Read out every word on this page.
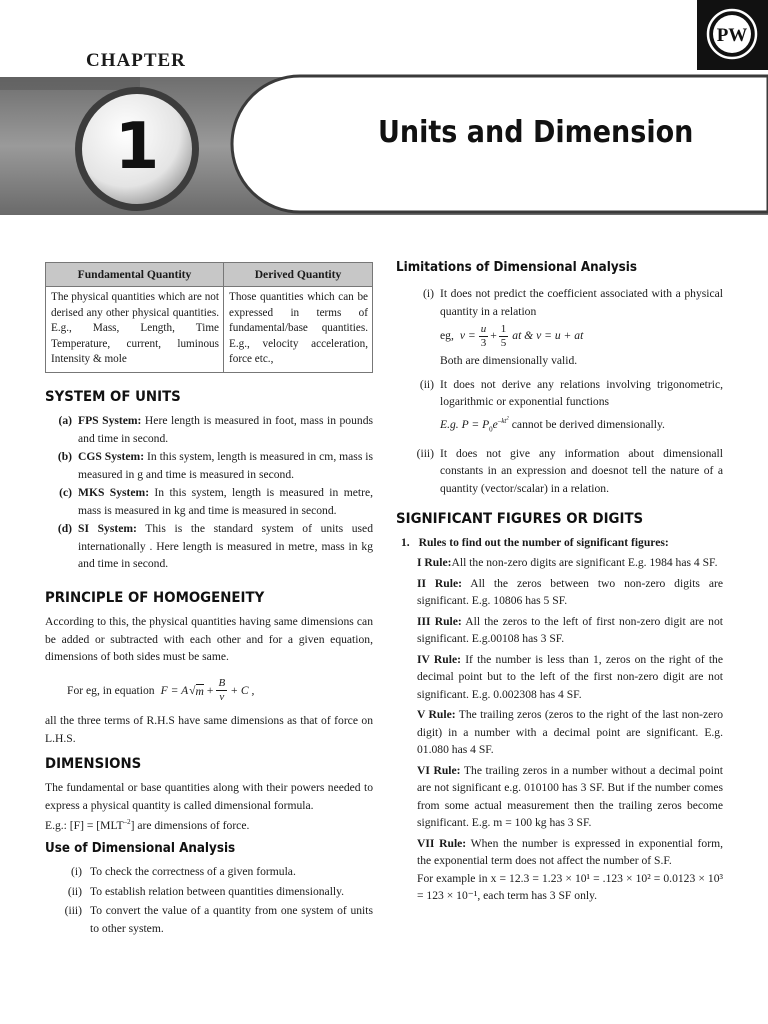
CHAPTER
1	Units and Dimension
PW
Fundamental Quantity	Derived Quantity
The physical quantities which are not derised any other physical quantities. E.g., Mass, Length, Time Temperature, current, luminous Intensity & mole	Those quantities which can be expressed in terms of fundamental/base quantities. E.g., velocity acceleration, force etc.,
SYSTEM OF UNITS
(a) FPS System: Here length is measured in foot, mass in pounds and time in second.
(b) CGS System: In this system, length is measured in cm, mass is measured in g and time is measured in second.
(c) MKS System: In this system, length is measured in metre, mass is measured in kg and time is measured in second.
(d) SI System: This is the standard system of units used internationally . Here length is measured in metre, mass in kg and time in second.
PRINCIPLE OF HOMOGENEITY
According to this, the physical quantities having same dimensions can be added or subtracted with each other and for a given equation, dimensions of both sides must be same.
For eg, in equation F = A √ $m + \frac{B}{v} + C$ ,
all the three terms of R.H.S have same dimensions as that of force on L.H.S.
DIMENSIONS
The fundamental or base quantities along with their powers needed to express a physical quantity is called dimensional formula.
E.g.: $[F] = [MLT^{-2}]$ are dimensions of force.
Use of Dimensional Analysis
(i) To check the correctness of a given formula.
(ii) To establish relation between quantities dimensionally.
(iii) To convert the value of a quantity from one system of units to other system.
Limitations of Dimensional Analysis
(i) It does not predict the coefficient associated with a physical quantity in a relation
eg, $v = \frac{u}{3} + \frac{1}{5}$ at & v = u + at
Both are dimensionally valid.
(ii) It does not derive any relations involving trigonometric, logarithmic or exponential functions
E.g. $P = P_0e^{-kt^2}$ cannot be derived dimensionally.
(iii) It does not give any information about dimensionall constants in an expression and doesnot tell the nature of a quantity (vector/scalar) in a relation.
SIGNIFICANT FIGURES OR DIGITS
1. Rules to find out the number of significant figures:
I Rule:All the non-zero digits are significant E.g. 1984 has 4 SF.
II Rule: All the zeros between two non-zero digits are significant. E.g. 10806 has 5 SF.
III Rule: All the zeros to the left of first non-zero digit are not significant. E.g.00108 has 3 SF.
IV Rule: If the number is less than 1, zeros on the right of the decimal point but to the left of the first non-zero digit are not significant. E.g. 0.002308 has 4 SF.
V Rule: The trailing zeros (zeros to the right of the last non-zero digit) in a number with a decimal point are significant. E.g. 01.080 has 4 SF.
VI Rule: The trailing zeros in a number without a decimal point are not significant e.g. 010100 has 3 SF. But if the number comes from some actual measurement then the trailing zeros become significant. E.g. m = 100 kg has 3 SF.
VII Rule: When the number is expressed in exponential form, the exponential term does not affect the number of S.F.
For example in x = 12.3 = 1.23 × 10¹ = .123 × 10² = 0.0123 × 10³ = 123 × 10⁻¹, each term has 3 SF only.
